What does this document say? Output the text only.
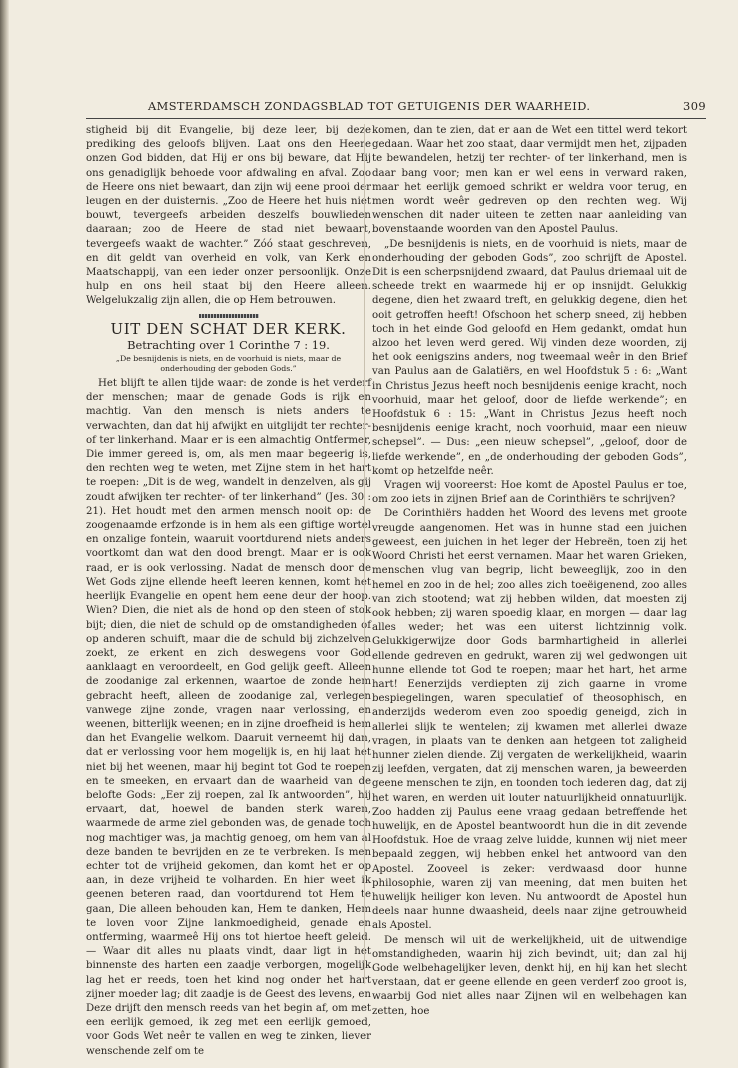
AMSTERDAMSCH ZONDAGSBLAD TOT GETUIGENIS DER WAARHEID.	309

stigheid bij dit Evangelie, bij deze leer, bij deze prediking des geloofs blijven. Laat ons den Heere onzen God bidden, dat Hij er ons bij beware, dat Hij ons genadiglijk behoede voor afdwaling en afval. Zoo de Heere ons niet bewaart, dan zijn wij eene prooi der leugen en der duisternis. „Zoo de Heere het huis niet bouwt, tevergeefs arbeiden deszelfs bouwlieden daaraan; zoo de Heere de stad niet bewaart, tevergeefs waakt de wachter.” Zóó staat geschreven, en dit geldt van overheid en volk, van Kerk en Maatschappij, van een ieder onzer persoonlijk. Onze hulp en ons heil staat bij den Heere alleen. Welgelukzalig zijn allen, die op Hem betrouwen.

UIT DEN SCHAT DER KERK.
Betrachting over 1 Corinthe 7 : 19.
„De besnijdenis is niets, en de voorhuid is niets, maar de onderhouding der geboden Gods.”

Het blijft te allen tijde waar: de zonde is het verderf der menschen; maar de genade Gods is rijk en machtig. Van den mensch is niets anders te verwachten, dan dat hij afwijkt en uitglijdt ter rechter- of ter linkerhand. Maar er is een almachtig Ontfermer, Die immer gereed is, om, als men maar begeerig is, den rechten weg te weten, met Zijne stem in het hart te roepen: „Dit is de weg, wandelt in denzelven, als gij zoudt afwijken ter rechter- of ter linkerhand” (Jes. 30 : 21). Het houdt met den armen mensch nooit op: de zoogenaamde erfzonde is in hem als een giftige wortel en onzalige fontein, waaruit voortdurend niets anders voortkomt dan wat den dood brengt. Maar er is ook raad, er is ook verlossing. Nadat de mensch door de Wet Gods zijne ellende heeft leeren kennen, komt het heerlijk Evangelie en opent hem eene deur der hoop. Wien? Dien, die niet als de hond op den steen of stok bijt; dien, die niet de schuld op de omstandigheden of op anderen schuift, maar die de schuld bij zichzelven zoekt, ze erkent en zich deswegens voor God aanklaagt en veroordeelt, en God gelijk geeft. Alleen de zoodanige zal erkennen, waartoe de zonde hem gebracht heeft, alleen de zoodanige zal, verlegen vanwege zijne zonde, vragen naar verlossing, en weenen, bitterlijk weenen; en in zijne droefheid is hem dan het Evangelie welkom. Daaruit verneemt hij dan, dat er verlossing voor hem mogelijk is, en hij laat het niet bij het weenen, maar hij begint tot God te roepen en te smeeken, en ervaart dan de waarheid van de belofte Gods: „Eer zij roepen, zal Ik antwoorden”, hij ervaart, dat, hoewel de banden sterk waren, waarmede de arme ziel gebonden was, de genade toch nog machtiger was, ja machtig genoeg, om hem van al deze banden te bevrijden en ze te verbreken. Is men echter tot de vrijheid gekomen, dan komt het er op aan, in deze vrijheid te volharden. En hier weet ik geenen beteren raad, dan voortdurend tot Hem te gaan, Die alleen behouden kan, Hem te danken, Hem te loven voor Zijne lankmoedigheid, genade en ontferming, waarmeê Hij ons tot hiertoe heeft geleid. — Waar dit alles nu plaats vindt, daar ligt in het binnenste des harten een zaadje verborgen, mogelijk lag het er reeds, toen het kind nog onder het hart zijner moeder lag; dit zaadje is de Geest des levens, en Deze drijft den mensch reeds van het begin af, om met een eerlijk gemoed, ik zeg met een eerlijk gemoed, voor Gods Wet neêr te vallen en weg te zinken, liever wenschende zelf om te

komen, dan te zien, dat er aan de Wet een tittel werd tekort gedaan. Waar het zoo staat, daar vermijdt men het, zijpaden te bewandelen, hetzij ter rechter- of ter linkerhand, men is daar bang voor; men kan er wel eens in verward raken, maar het eerlijk gemoed schrikt er weldra voor terug, en men wordt weêr gedreven op den rechten weg. Wij wenschen dit nader uiteen te zetten naar aanleiding van bovenstaande woorden van den Apostel Paulus.

„De besnijdenis is niets, en de voorhuid is niets, maar de onderhouding der geboden Gods”, zoo schrijft de Apostel. Dit is een scherpsnijdend zwaard, dat Paulus driemaal uit de scheede trekt en waarmede hij er op insnijdt. Gelukkig degene, dien het zwaard treft, en gelukkig degene, dien het ooit getroffen heeft! Ofschoon het scherp sneed, zij hebben toch in het einde God geloofd en Hem gedankt, omdat hun alzoo het leven werd gered. Wij vinden deze woorden, zij het ook eenigszins anders, nog tweemaal weêr in den Brief van Paulus aan de Galatiërs, en wel Hoofdstuk 5 : 6: „Want in Christus Jezus heeft noch besnijdenis eenige kracht, noch voorhuid, maar het geloof, door de liefde werkende”; en Hoofdstuk 6 : 15: „Want in Christus Jezus heeft noch besnijdenis eenige kracht, noch voorhuid, maar een nieuw schepsel”. — Dus: „een nieuw schepsel”, „geloof, door de liefde werkende”, en „de onderhouding der geboden Gods”, komt op hetzelfde neêr.

Vragen wij vooreerst: Hoe komt de Apostel Paulus er toe, om zoo iets in zijnen Brief aan de Corinthiërs te schrijven?

De Corinthiërs hadden het Woord des levens met groote vreugde aangenomen. Het was in hunne stad een juichen geweest, een juichen in het leger der Hebreën, toen zij het Woord Christi het eerst vernamen. Maar het waren Grieken, menschen vlug van begrip, licht beweeglijk, zoo in den hemel en zoo in de hel; zoo alles zich toeëigenend, zoo alles van zich stootend; wat zij hebben wilden, dat moesten zij ook hebben; zij waren spoedig klaar, en morgen — daar lag alles weder; het was een uiterst lichtzinnig volk. Gelukkigerwijze door Gods barmhartigheid in allerlei ellende gedreven en gedrukt, waren zij wel gedwongen uit hunne ellende tot God te roepen; maar het hart, het arme hart! Eenerzijds verdiepten zij zich gaarne in vrome bespiegelingen, waren speculatief of theosophisch, en anderzijds wederom even zoo spoedig geneigd, zich in allerlei slijk te wentelen; zij kwamen met allerlei dwaze vragen, in plaats van te denken aan hetgeen tot zaligheid hunner zielen diende. Zij vergaten de werkelijkheid, waarin zij leefden, vergaten, dat zij menschen waren, ja beweerden geene menschen te zijn, en toonden toch iederen dag, dat zij het waren, en werden uit louter natuurlijkheid onnatuurlijk. Zoo hadden zij Paulus eene vraag gedaan betreffende het huwelijk, en de Apostel beantwoordt hun die in dit zevende Hoofdstuk. Hoe de vraag zelve luidde, kunnen wij niet meer bepaald zeggen, wij hebben enkel het antwoord van den Apostel. Zooveel is zeker: verdwaasd door hunne philosophie, waren zij van meening, dat men buiten het huwelijk heiliger kon leven. Nu antwoordt de Apostel hun deels naar hunne dwaasheid, deels naar zijne getrouwheid als Apostel.

De mensch wil uit de werkelijkheid, uit de uitwendige omstandigheden, waarin hij zich bevindt, uit; dan zal hij Gode welbehagelijker leven, denkt hij, en hij kan het slecht verstaan, dat er geene ellende en geen verderf zoo groot is, waarbij God niet alles naar Zijnen wil en welbehagen kan zetten, hoe
